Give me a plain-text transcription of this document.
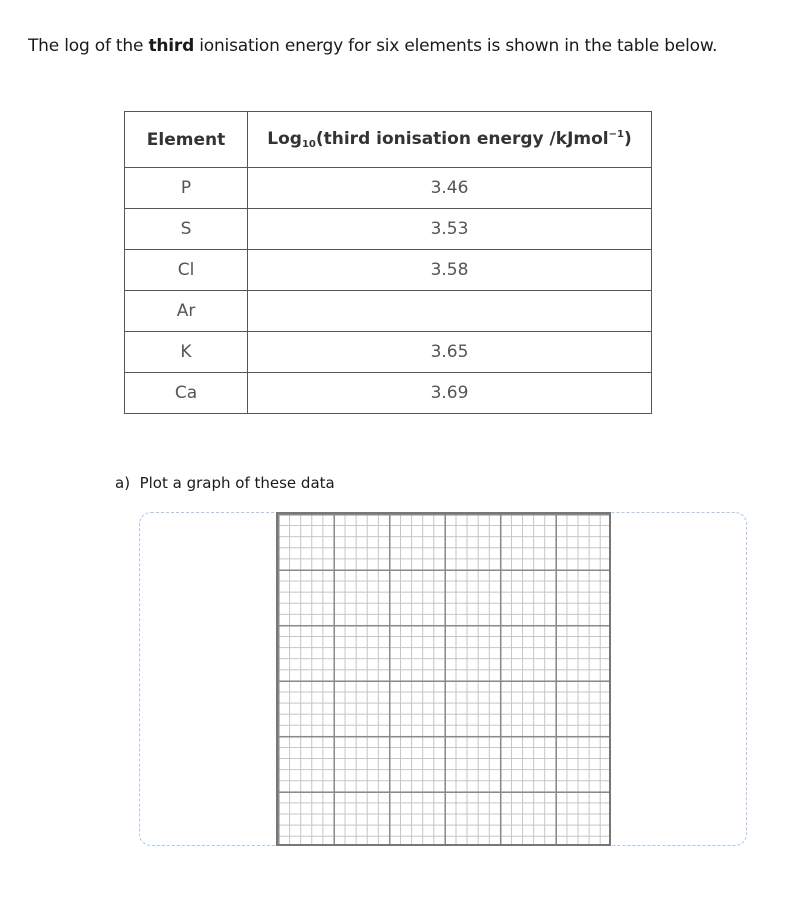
The log of the third ionisation energy for six elements is shown in the table below.
Element	Log$_{10}$(third ionisation energy /kJmol$^{-1}$)
P	3.46
S	3.53
Cl	3.58
Ar	
K	3.65
Ca	3.69
a) Plot a graph of these data
